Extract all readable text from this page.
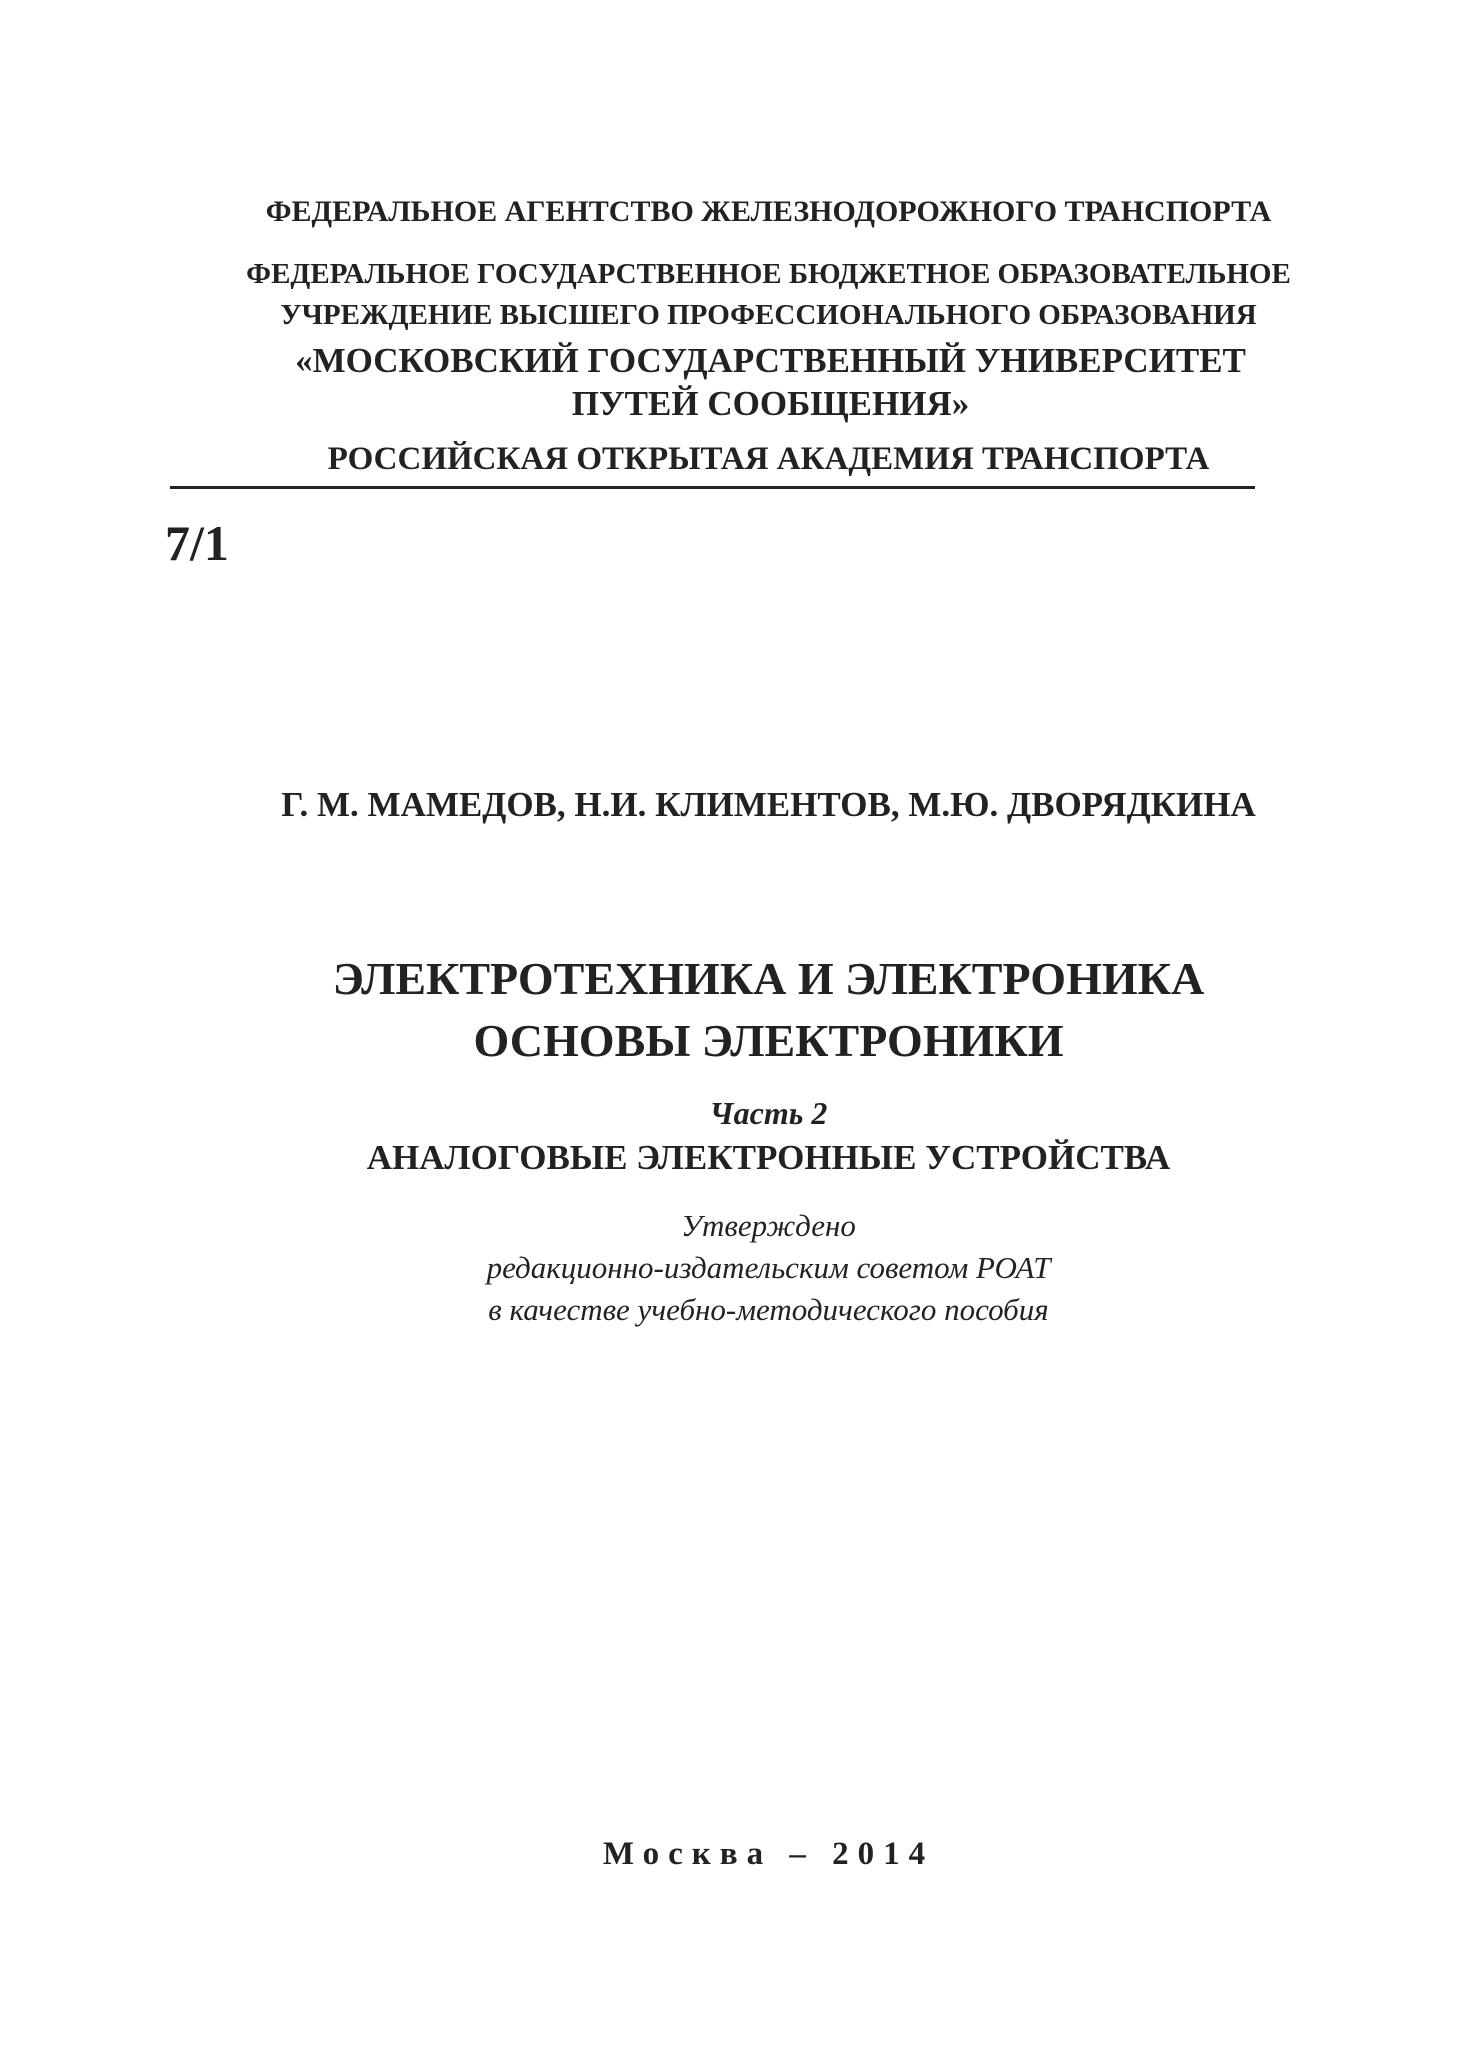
ФЕДЕРАЛЬНОЕ АГЕНТСТВО ЖЕЛЕЗНОДОРОЖНОГО ТРАНСПОРТА
ФЕДЕРАЛЬНОЕ ГОСУДАРСТВЕННОЕ БЮДЖЕТНОЕ ОБРАЗОВАТЕЛЬНОЕ
УЧРЕЖДЕНИЕ ВЫСШЕГО ПРОФЕССИОНАЛЬНОГО ОБРАЗОВАНИЯ
«МОСКОВСКИЙ ГОСУДАРСТВЕННЫЙ УНИВЕРСИТЕТ
ПУТЕЙ СООБЩЕНИЯ»
РОССИЙСКАЯ ОТКРЫТАЯ АКАДЕМИЯ ТРАНСПОРТА
7/1
Г. М. МАМЕДОВ, Н.И. КЛИМЕНТОВ, М.Ю. ДВОРЯДКИНА
ЭЛЕКТРОТЕХНИКА И ЭЛЕКТРОНИКА
ОСНОВЫ ЭЛЕКТРОНИКИ
Часть 2
АНАЛОГОВЫЕ ЭЛЕКТРОННЫЕ УСТРОЙСТВА
Утверждено
редакционно-издательским советом РОАТ
в качестве учебно-методического пособия
Москва – 2014
